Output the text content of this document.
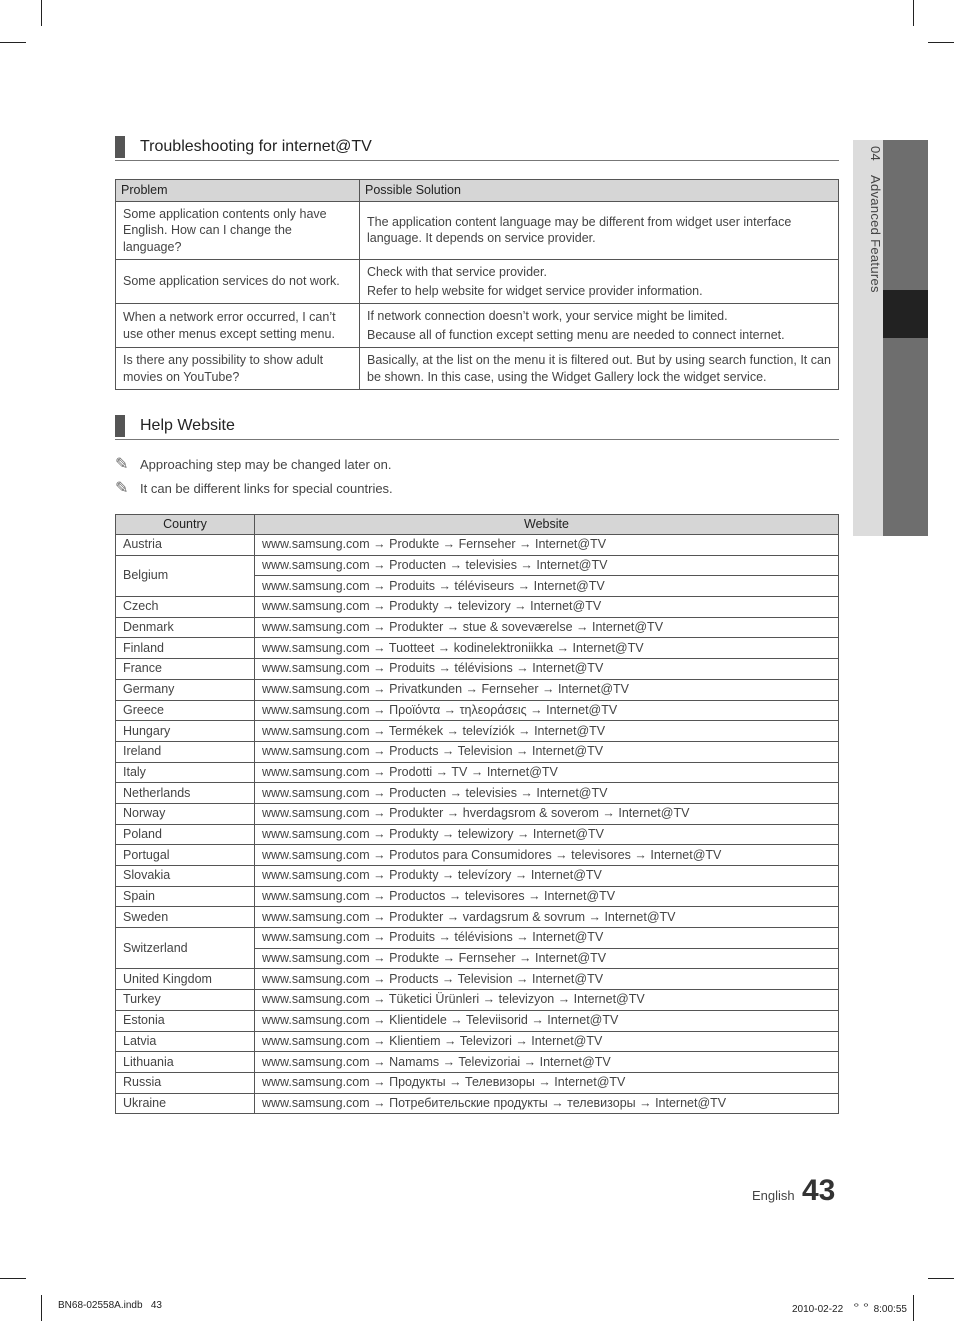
04 Advanced Features
Troubleshooting for internet@TV
Problem	Possible Solution
Some application contents only have English. How can I change the language?	The application content language may be different from widget user interface language. It depends on service provider.

Some application services do not work.	Check with that service provider.
Refer to help website for widget service provider information.

When a network error occurred, I can’t use other menus except setting menu.	If network connection doesn’t work, your service might be limited.
Because all of function except setting menu are needed to connect internet.

Is there any possibility to show adult movies on YouTube?	Basically, at the list on the menu it is filtered out. But by using search function, It can be shown. In this case, using the Widget Gallery lock the widget service.
Help Website
✎ Approaching step may be changed later on.
✎ It can be different links for special countries.
Country	Website
Austria	www.samsung.com → Produkte → Fernseher → Internet@TV
Belgium	www.samsung.com → Producten → televisies → Internet@TV
	www.samsung.com → Produits → téléviseurs → Internet@TV
Czech	www.samsung.com → Produkty → televizory → Internet@TV
Denmark	www.samsung.com → Produkter → stue & soveværelse → Internet@TV
Finland	www.samsung.com → Tuotteet → kodinelektroniikka → Internet@TV
France	www.samsung.com → Produits → télévisions → Internet@TV
Germany	www.samsung.com → Privatkunden → Fernseher → Internet@TV
Greece	www.samsung.com → Προϊόντα → τηλεοράσεις → Internet@TV
Hungary	www.samsung.com → Termékek → televíziók → Internet@TV
Ireland	www.samsung.com → Products → Television → Internet@TV
Italy	www.samsung.com → Prodotti → TV → Internet@TV
Netherlands	www.samsung.com → Producten → televisies → Internet@TV
Norway	www.samsung.com → Produkter → hverdagsrom & soverom → Internet@TV
Poland	www.samsung.com → Produkty → telewizory → Internet@TV
Portugal	www.samsung.com → Produtos para Consumidores → televisores → Internet@TV
Slovakia	www.samsung.com → Produkty → televízory → Internet@TV
Spain	www.samsung.com → Productos → televisores → Internet@TV
Sweden	www.samsung.com → Produkter → vardagsrum & sovrum → Internet@TV
Switzerland	www.samsung.com → Produits → télévisions → Internet@TV
	www.samsung.com → Produkte → Fernseher → Internet@TV
United Kingdom	www.samsung.com → Products → Television → Internet@TV
Turkey	www.samsung.com → Tüketici Ürünleri → televizyon → Internet@TV
Estonia	www.samsung.com → Klientidele → Televiisorid → Internet@TV
Latvia	www.samsung.com → Klientiem → Televizori → Internet@TV
Lithuania	www.samsung.com → Namams → Televizoriai → Internet@TV
Russia	www.samsung.com → Продукты → Телевизоры → Internet@TV
Ukraine	www.samsung.com → Потребительские продукты → телевизоры → Internet@TV
English 43
BN68-02558A.indb   43	2010-02-22   ᄋᄋ 8:00:55
